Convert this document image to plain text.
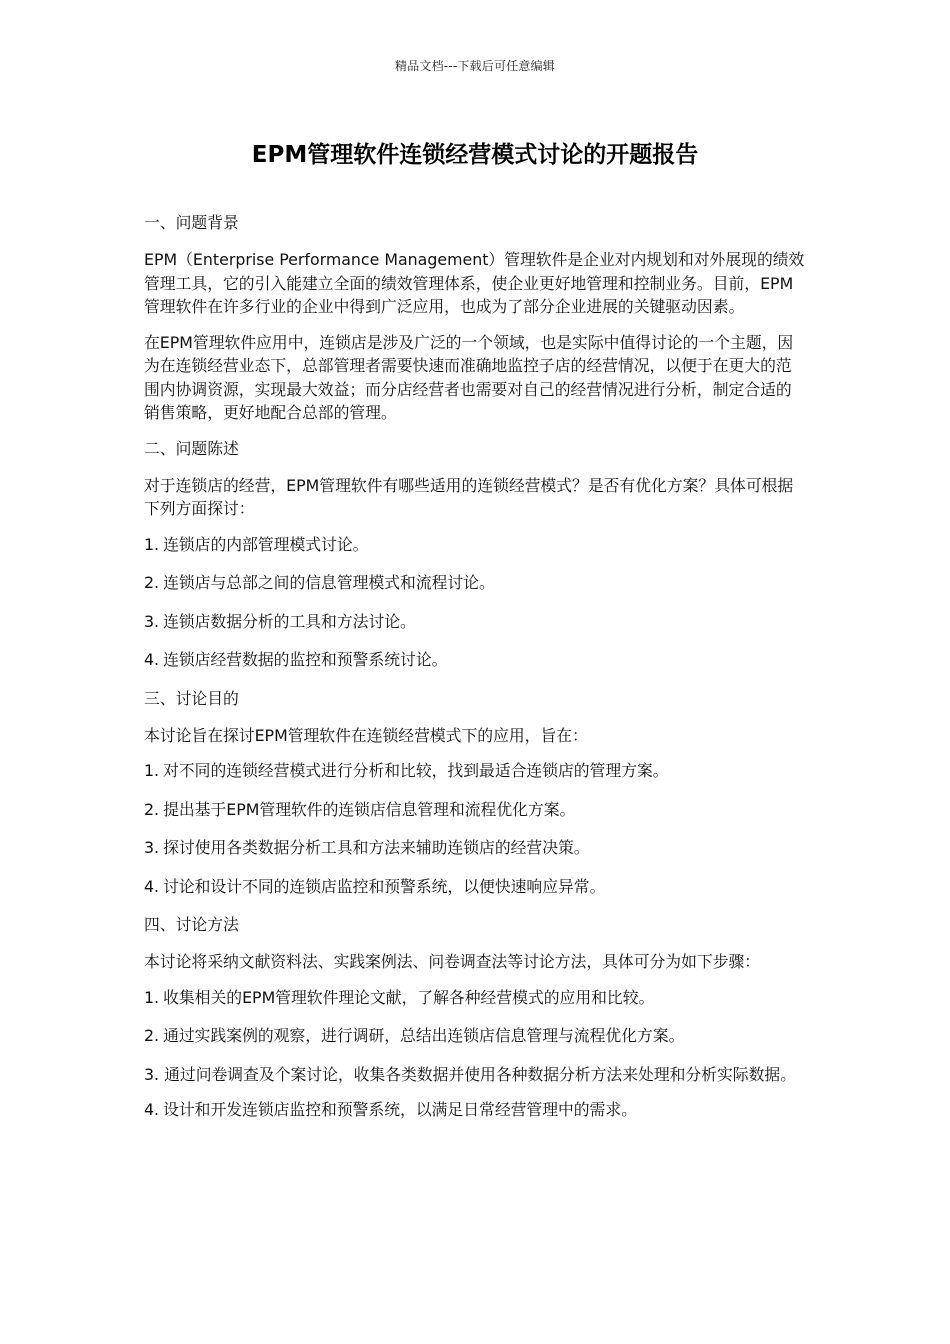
精品文档---下载后可任意编辑
EPM管理软件连锁经营模式讨论的开题报告
一、问题背景

EPM（Enterprise Performance Management）管理软件是企业对内规划和对外展现的绩效管理工具，它的引入能建立全面的绩效管理体系，使企业更好地管理和控制业务。目前，EPM管理软件在许多行业的企业中得到广泛应用，也成为了部分企业进展的关键驱动因素。

在EPM管理软件应用中，连锁店是涉及广泛的一个领域，也是实际中值得讨论的一个主题，因为在连锁经营业态下，总部管理者需要快速而准确地监控子店的经营情况，以便于在更大的范围内协调资源，实现最大效益；而分店经营者也需要对自己的经营情况进行分析，制定合适的销售策略，更好地配合总部的管理。

二、问题陈述

对于连锁店的经营，EPM管理软件有哪些适用的连锁经营模式？是否有优化方案？具体可根据下列方面探讨：

1. 连锁店的内部管理模式讨论。
2. 连锁店与总部之间的信息管理模式和流程讨论。
3. 连锁店数据分析的工具和方法讨论。
4. 连锁店经营数据的监控和预警系统讨论。
三、讨论目的

本讨论旨在探讨EPM管理软件在连锁经营模式下的应用，旨在：

1. 对不同的连锁经营模式进行分析和比较，找到最适合连锁店的管理方案。
2. 提出基于EPM管理软件的连锁店信息管理和流程优化方案。
3. 探讨使用各类数据分析工具和方法来辅助连锁店的经营决策。
4. 讨论和设计不同的连锁店监控和预警系统，以便快速响应异常。
四、讨论方法

本讨论将采纳文献资料法、实践案例法、问卷调查法等讨论方法，具体可分为如下步骤：

1. 收集相关的EPM管理软件理论文献，了解各种经营模式的应用和比较。
2. 通过实践案例的观察，进行调研，总结出连锁店信息管理与流程优化方案。

3. 通过问卷调查及个案讨论，收集各类数据并使用各种数据分析方法来处理和分析实际数据。

4. 设计和开发连锁店监控和预警系统，以满足日常经营管理中的需求。
